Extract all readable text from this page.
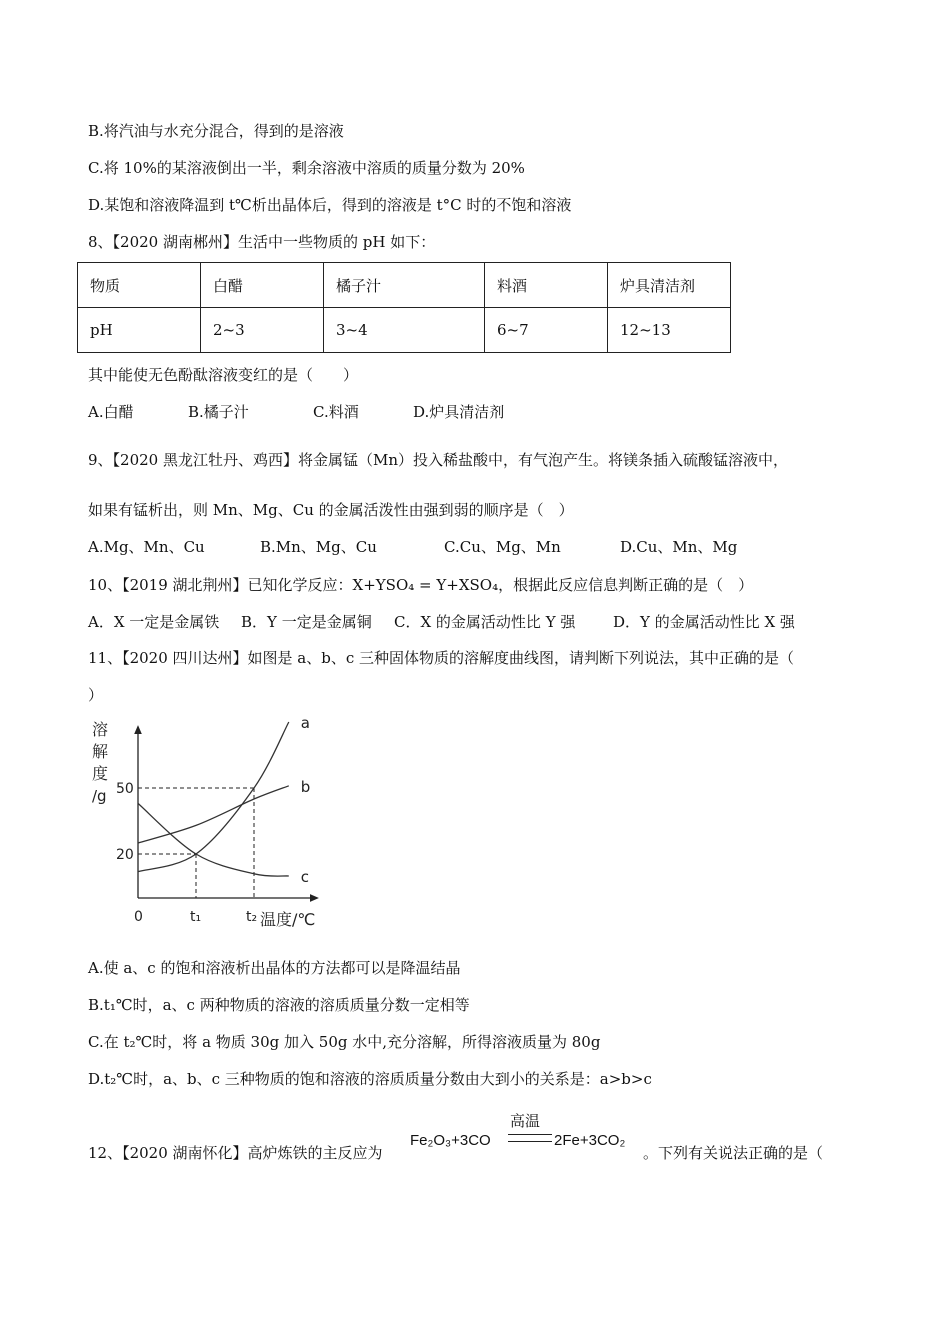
B.将汽油与水充分混合，得到的是溶液
C.将 10%的某溶液倒出一半，剩余溶液中溶质的质量分数为 20%
D.某饱和溶液降温到 t℃析出晶体后，得到的溶液是 t°C 时的不饱和溶液
8、【2020 湖南郴州】生活中一些物质的 pH 如下：
物质	白醋	橘子汁	料酒	炉具清洁剂
pH	2~3	3~4	6~7	12~13
其中能使无色酚酞溶液变红的是（　　）
A.白醋	B.橘子汁	C.料酒	D.炉具清洁剂
9、【2020 黑龙江牡丹、鸡西】将金属锰（Mn）投入稀盐酸中，有气泡产生。将镁条插入硫酸锰溶液中，
如果有锰析出，则 Mn、Mg、Cu 的金属活泼性由强到弱的顺序是（　）
A.Mg、Mn、Cu	B.Mn、Mg、Cu	C.Cu、Mg、Mn	D.Cu、Mn、Mg
10、【2019 湖北荆州】已知化学反应：X+YSO₄ = Y+XSO₄，根据此反应信息判断正确的是（　）
A．X 一定是金属铁 B．Y 一定是金属铜 C．X 的金属活动性比 Y 强	D．Y 的金属活动性比 X 强
11、【2020 四川达州】如图是 a、b、c 三种固体物质的溶解度曲线图，请判断下列说法，其中正确的是（
）
溶
解
度
/g
a
b
c
0	t₁	t₂
20
50
温度/℃
A.使 a、c 的饱和溶液析出晶体的方法都可以是降温结晶
B.t₁℃时，a、c 两种物质的溶液的溶质质量分数一定相等
C.在 t₂℃时，将 a 物质 30g 加入 50g 水中,充分溶解，所得溶液质量为 80g
D.t₂℃时，a、b、c 三种物质的饱和溶液的溶质质量分数由大到小的关系是：a>b>c
12、【2020 湖南怀化】高炉炼铁的主反应为
高温
Fe₂O₃+3CO	2Fe+3CO₂
。下列有关说法正确的是（
